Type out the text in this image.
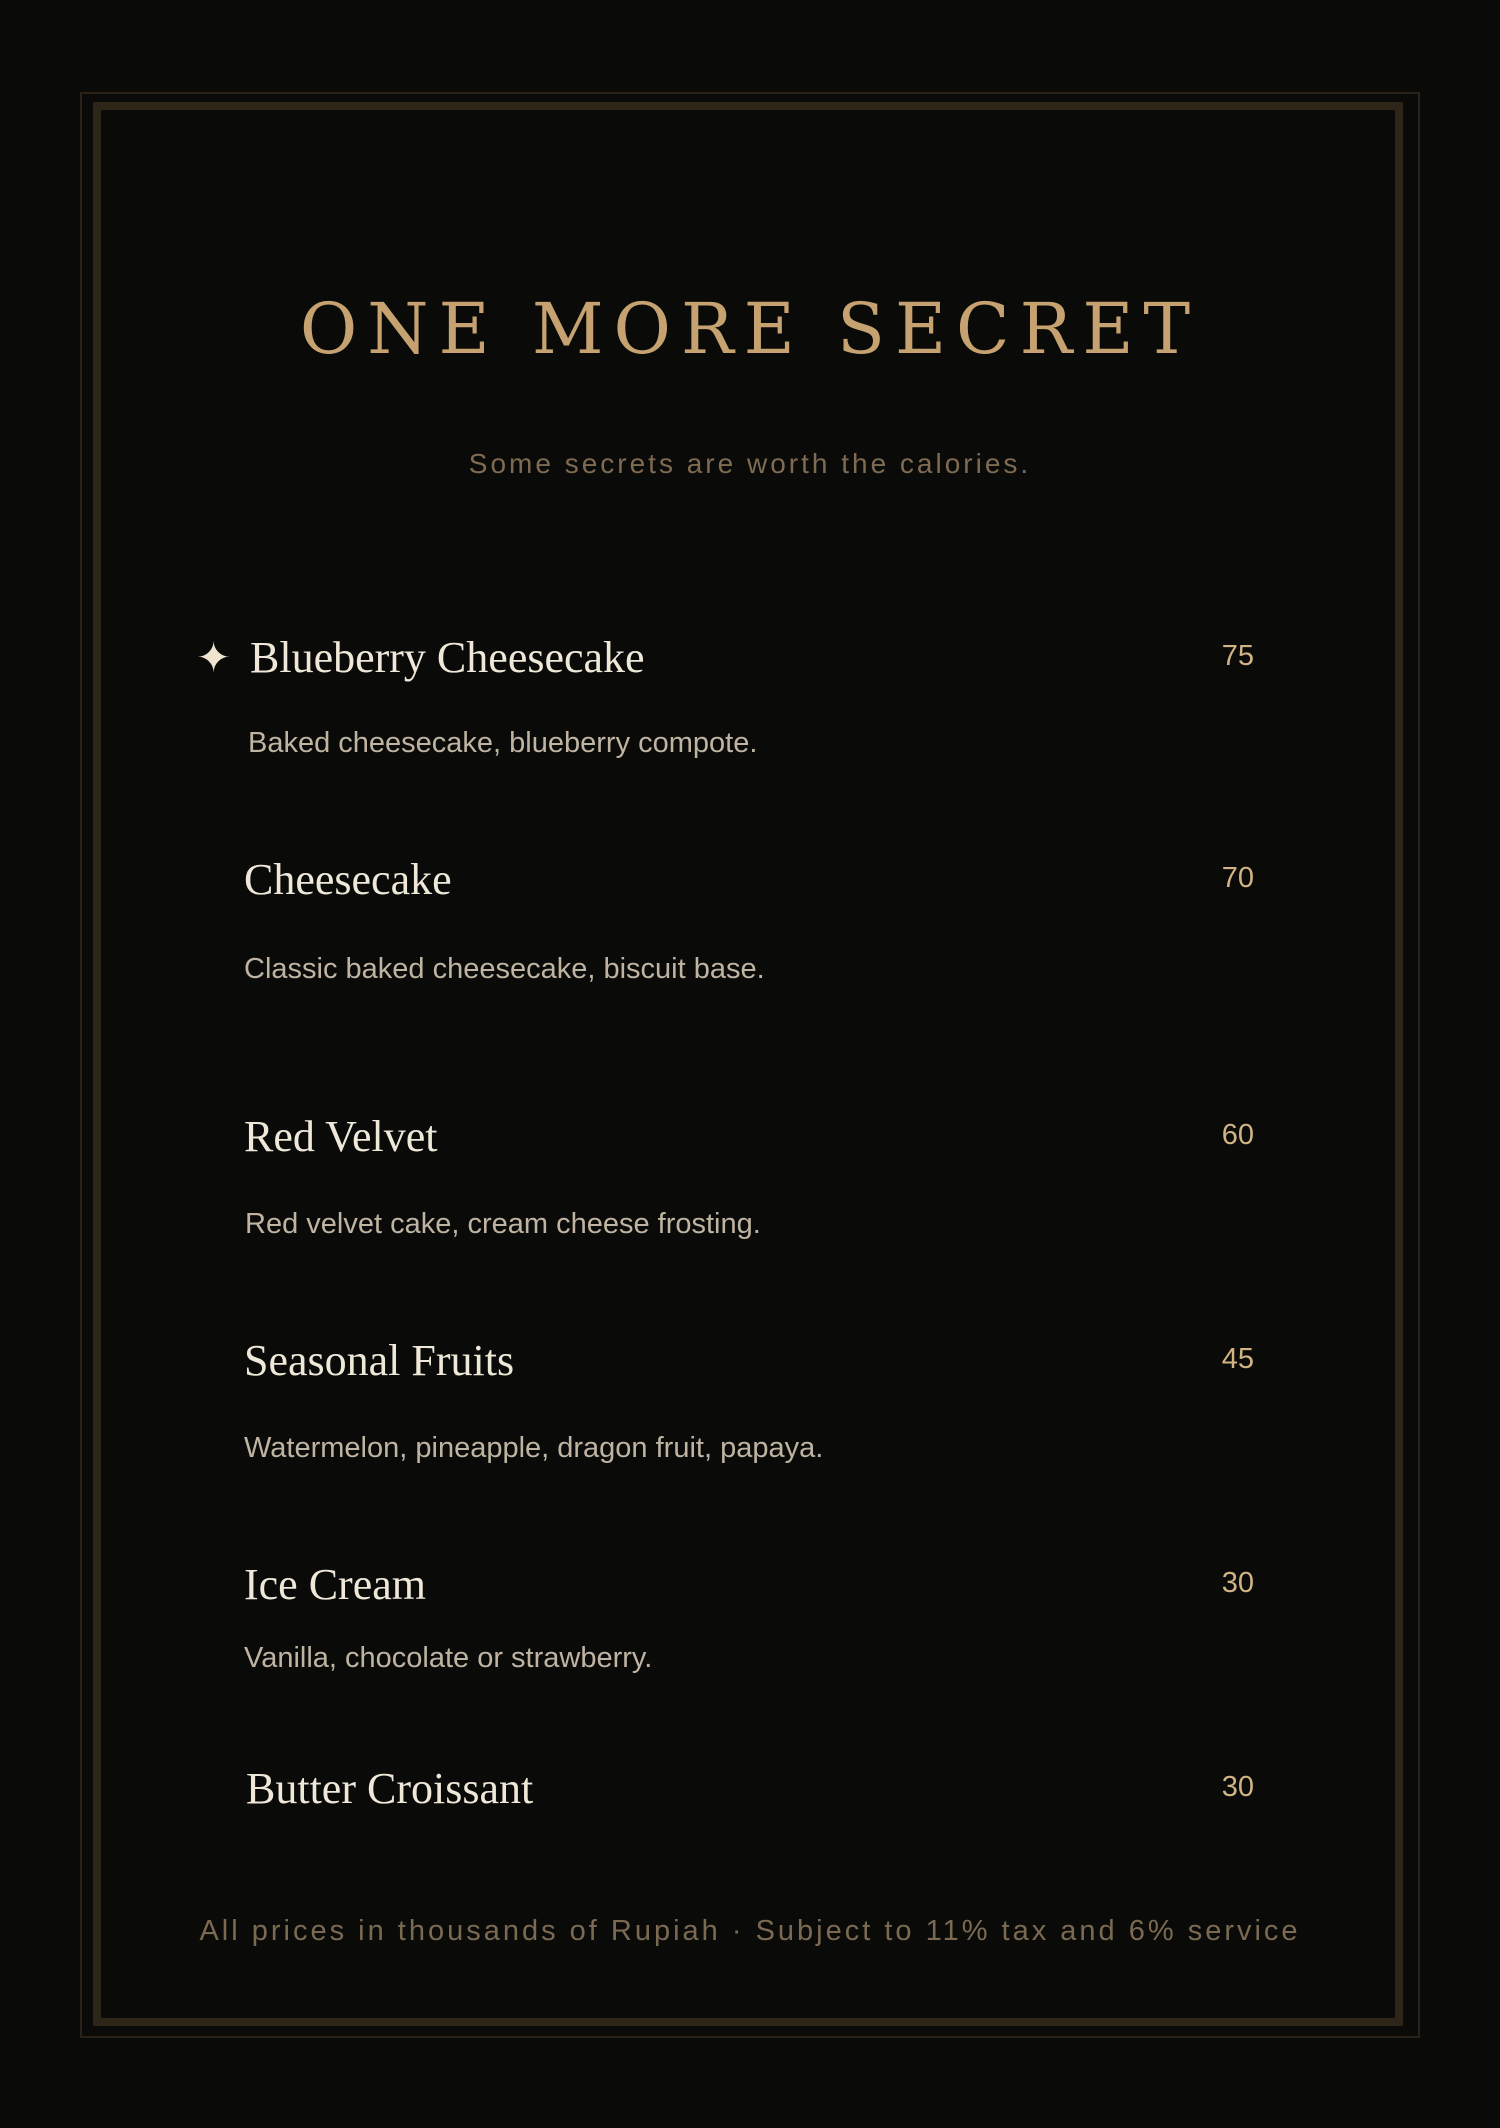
ONE MORE SECRET
Some secrets are worth the calories.
✦ Blueberry Cheesecake	75
Baked cheesecake, blueberry compote.
Cheesecake	70
Classic baked cheesecake, biscuit base.
Red Velvet	60
Red velvet cake, cream cheese frosting.
Seasonal Fruits	45
Watermelon, pineapple, dragon fruit, papaya.
Ice Cream	30
Vanilla, chocolate or strawberry.
Butter Croissant	30
All prices in thousands of Rupiah · Subject to 11% tax and 6% service
